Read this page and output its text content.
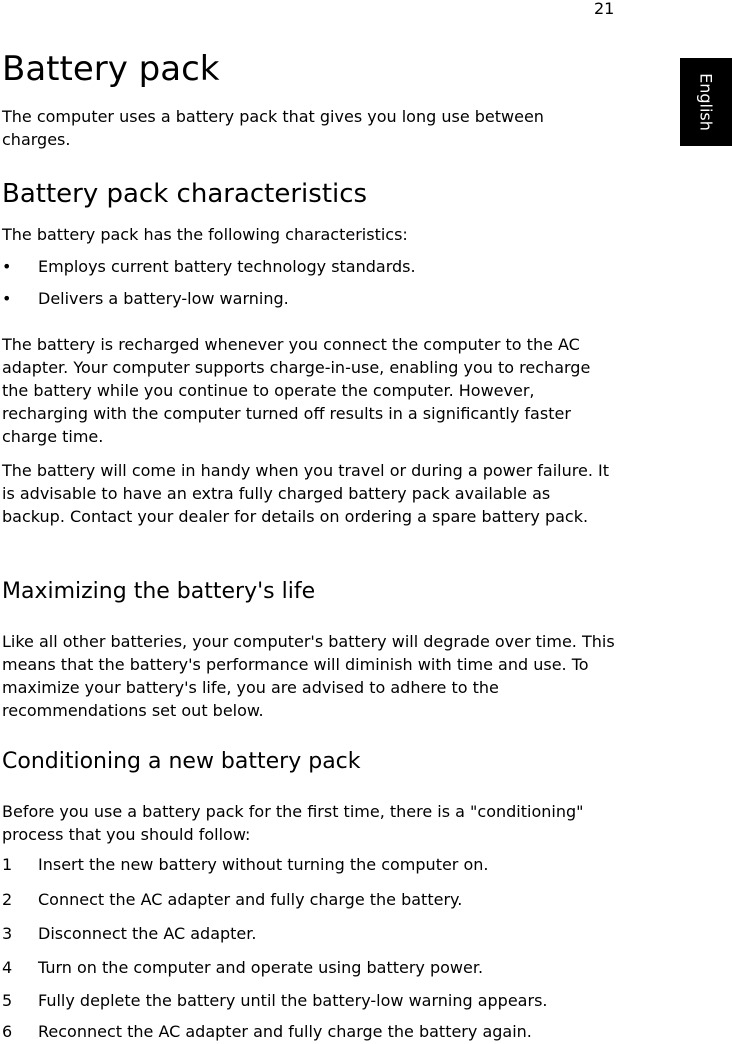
21
English
Battery pack

The computer uses a battery pack that gives you long use between charges.

Battery pack characteristics

The battery pack has the following characteristics:

• Employs current battery technology standards.
• Delivers a battery-low warning.

The battery is recharged whenever you connect the computer to the AC adapter. Your computer supports charge-in-use, enabling you to recharge the battery while you continue to operate the computer. However, recharging with the computer turned off results in a significantly faster charge time.

The battery will come in handy when you travel or during a power failure. It is advisable to have an extra fully charged battery pack available as backup. Contact your dealer for details on ordering a spare battery pack.

Maximizing the battery's life

Like all other batteries, your computer's battery will degrade over time. This means that the battery's performance will diminish with time and use. To maximize your battery's life, you are advised to adhere to the recommendations set out below.

Conditioning a new battery pack

Before you use a battery pack for the first time, there is a "conditioning" process that you should follow:

1 Insert the new battery without turning the computer on.
2 Connect the AC adapter and fully charge the battery.
3 Disconnect the AC adapter.
4 Turn on the computer and operate using battery power.
5 Fully deplete the battery until the battery-low warning appears.
6 Reconnect the AC adapter and fully charge the battery again.
